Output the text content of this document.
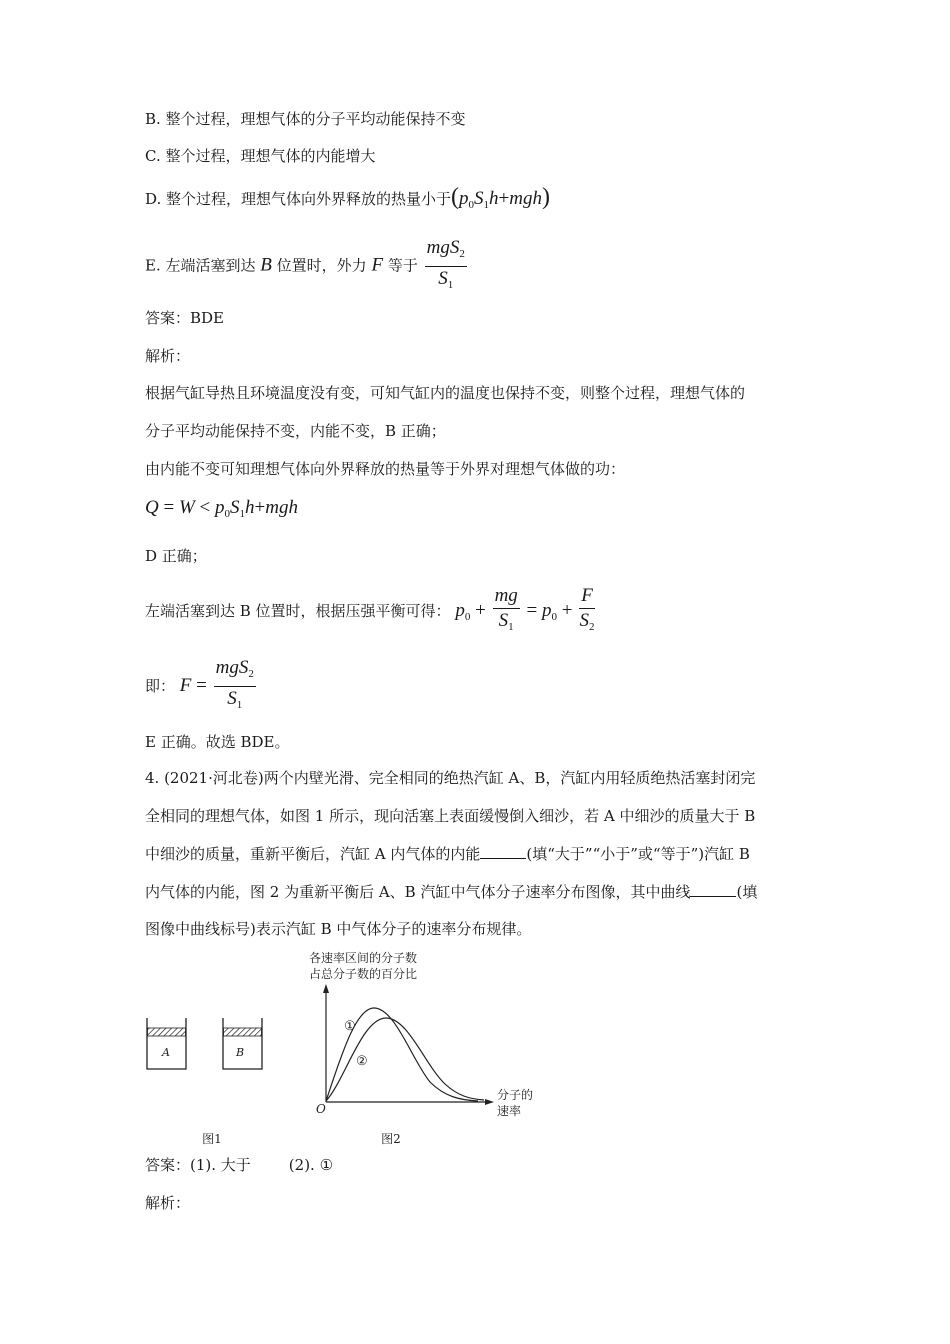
B. 整个过程，理想气体的分子平均动能保持不变
C. 整个过程，理想气体的内能增大
D. 整个过程，理想气体向外界释放的热量小于$(p_0S_1h+mgh)$
E. 左端活塞到达 B 位置时，外力 F 等于 $\frac{mgS_2}{S_1}$
答案：BDE
解析：
根据气缸导热且环境温度没有变，可知气缸内的温度也保持不变，则整个过程，理想气体的
分子平均动能保持不变，内能不变，B 正确；
由内能不变可知理想气体向外界释放的热量等于外界对理想气体做的功：
$Q = W < p_0S_1h+mgh$
D 正确；
左端活塞到达 B 位置时，根据压强平衡可得： $p_0 + \frac{mg}{S_1} = p_0 + \frac{F}{S_2}$
即： $F = \frac{mgS_2}{S_1}$
E 正确。故选 BDE。
4. (2021·河北卷)两个内壁光滑、完全相同的绝热汽缸 A、B，汽缸内用轻质绝热活塞封闭完
全相同的理想气体，如图 1 所示，现向活塞上表面缓慢倒入细沙，若 A 中细沙的质量大于 B
中细沙的质量，重新平衡后，汽缸 A 内气体的内能	(填“大于”“小于”或“等于”)汽缸 B
内气体的内能，图 2 为重新平衡后 A、B 汽缸中气体分子速率分布图像，其中曲线	(填
图像中曲线标号)表示汽缸 B 中气体分子的速率分布规律。
A	B
图1
各速率区间的分子数
占总分子数的百分比
分子的
速率
O
①
②
图2
答案：(1). 大于	(2). ①
解析：
